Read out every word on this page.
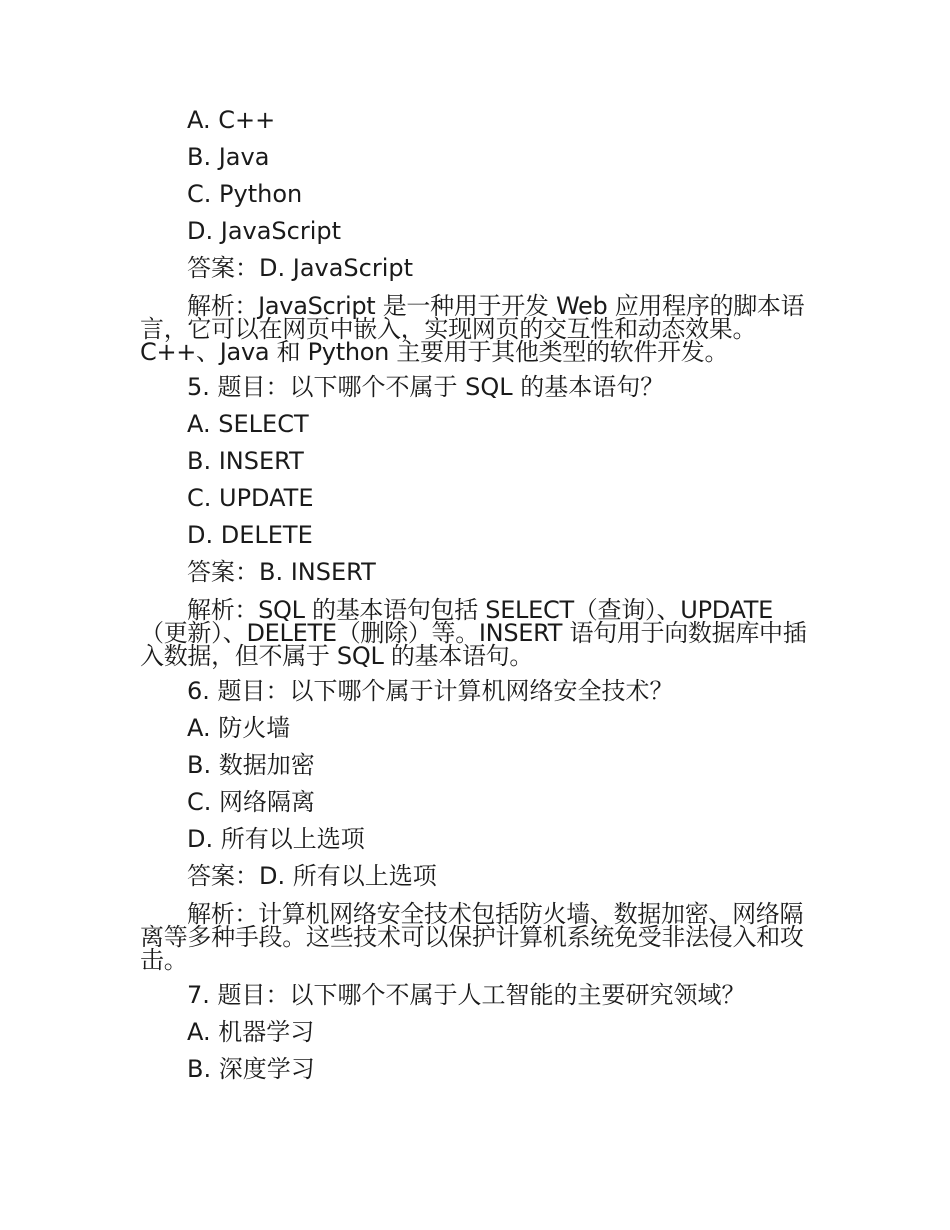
A. C++
B. Java
C. Python
D. JavaScript
答案：D. JavaScript
解析：JavaScript 是一种用于开发 Web 应用程序的脚本语言，它可以在网页中嵌入，实现网页的交互性和动态效果。C++、Java 和 Python 主要用于其他类型的软件开发。
5. 题目：以下哪个不属于 SQL 的基本语句？
A. SELECT
B. INSERT
C. UPDATE
D. DELETE
答案：B. INSERT
解析：SQL 的基本语句包括 SELECT（查询）、UPDATE（更新）、DELETE（删除）等。INSERT 语句用于向数据库中插入数据，但不属于 SQL 的基本语句。
6. 题目：以下哪个属于计算机网络安全技术？
A. 防火墙
B. 数据加密
C. 网络隔离
D. 所有以上选项
答案：D. 所有以上选项
解析：计算机网络安全技术包括防火墙、数据加密、网络隔离等多种手段。这些技术可以保护计算机系统免受非法侵入和攻击。
7. 题目：以下哪个不属于人工智能的主要研究领域？
A. 机器学习
B. 深度学习
